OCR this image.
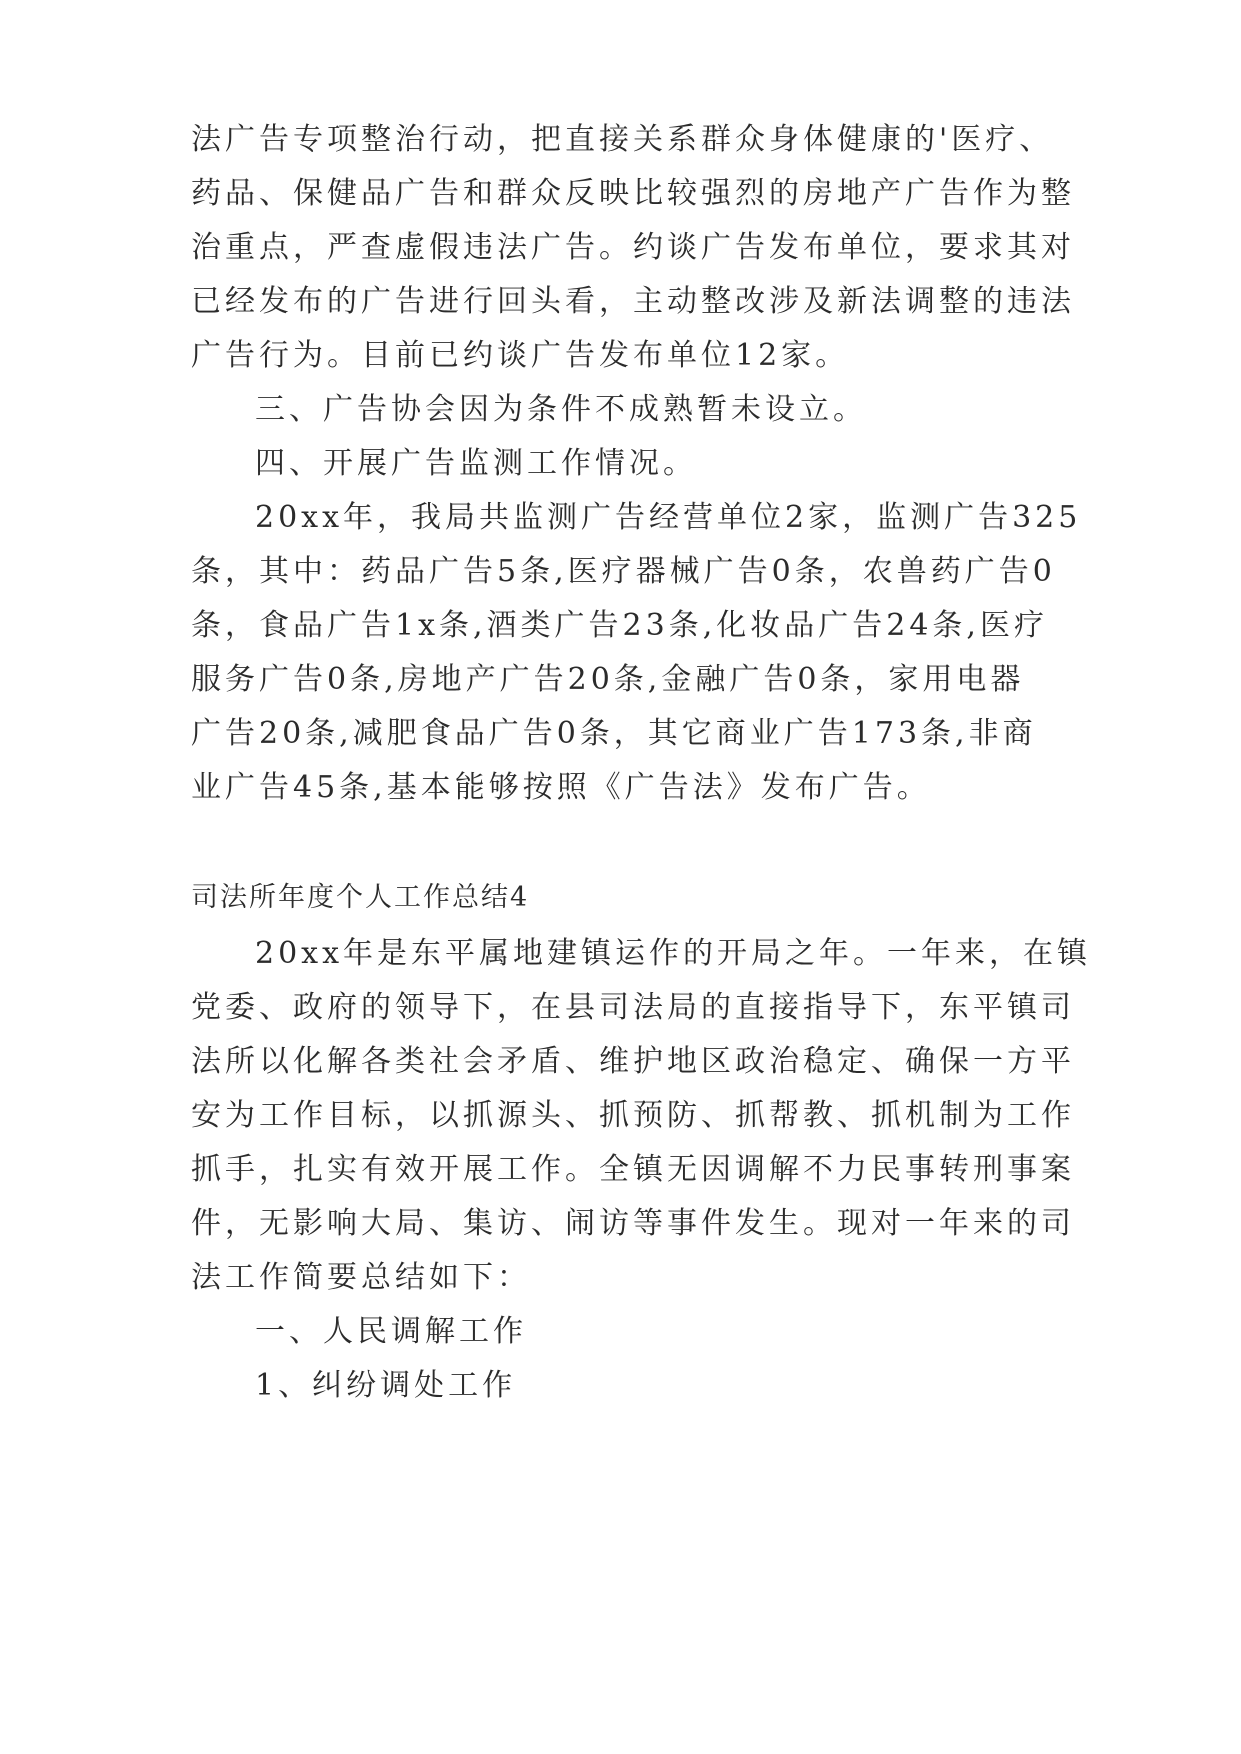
法广告专项整治行动，把直接关系群众身体健康的'医疗、

药品、保健品广告和群众反映比较强烈的房地产广告作为整

治重点，严查虚假违法广告。约谈广告发布单位，要求其对

已经发布的广告进行回头看，主动整改涉及新法调整的违法

广告行为。目前已约谈广告发布单位12家。

三、广告协会因为条件不成熟暂未设立。

四、开展广告监测工作情况。

20xx年，我局共监测广告经营单位2家，监测广告325

条，其中：药品广告5条,医疗器械广告0条，农兽药广告0

条，食品广告1x条,酒类广告23条,化妆品广告24条,医疗

服务广告0条,房地产广告20条,金融广告0条，家用电器

广告20条,减肥食品广告0条，其它商业广告173条,非商

业广告45条,基本能够按照《广告法》发布广告。

司法所年度个人工作总结4

20xx年是东平属地建镇运作的开局之年。一年来，在镇

党委、政府的领导下，在县司法局的直接指导下，东平镇司

法所以化解各类社会矛盾、维护地区政治稳定、确保一方平

安为工作目标，以抓源头、抓预防、抓帮教、抓机制为工作

抓手，扎实有效开展工作。全镇无因调解不力民事转刑事案

件，无影响大局、集访、闹访等事件发生。现对一年来的司

法工作简要总结如下：

一、人民调解工作

1、纠纷调处工作
